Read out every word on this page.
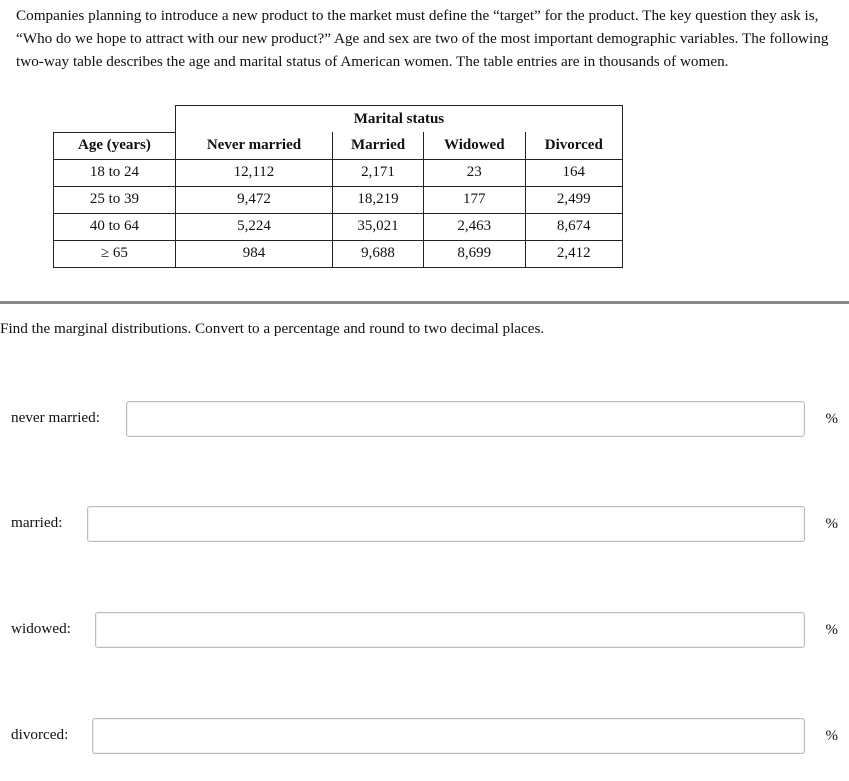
Companies planning to introduce a new product to the market must define the “target” for the product. The key question they ask is, “Who do we hope to attract with our new product?” Age and sex are two of the most important demographic variables. The following two-way table describes the age and marital status of American women. The table entries are in thousands of women.

	Marital status			
Age (years)	Never married	Married	Widowed	Divorced
18 to 24	12,112	2,171	23	164
25 to 39	9,472	18,219	177	2,499
40 to 64	5,224	35,021	2,463	8,674
≥ 65	984	9,688	8,699	2,412

Find the marginal distributions. Convert to a percentage and round to two decimal places.

never married:	%
married:	%
widowed:	%
divorced:	%
